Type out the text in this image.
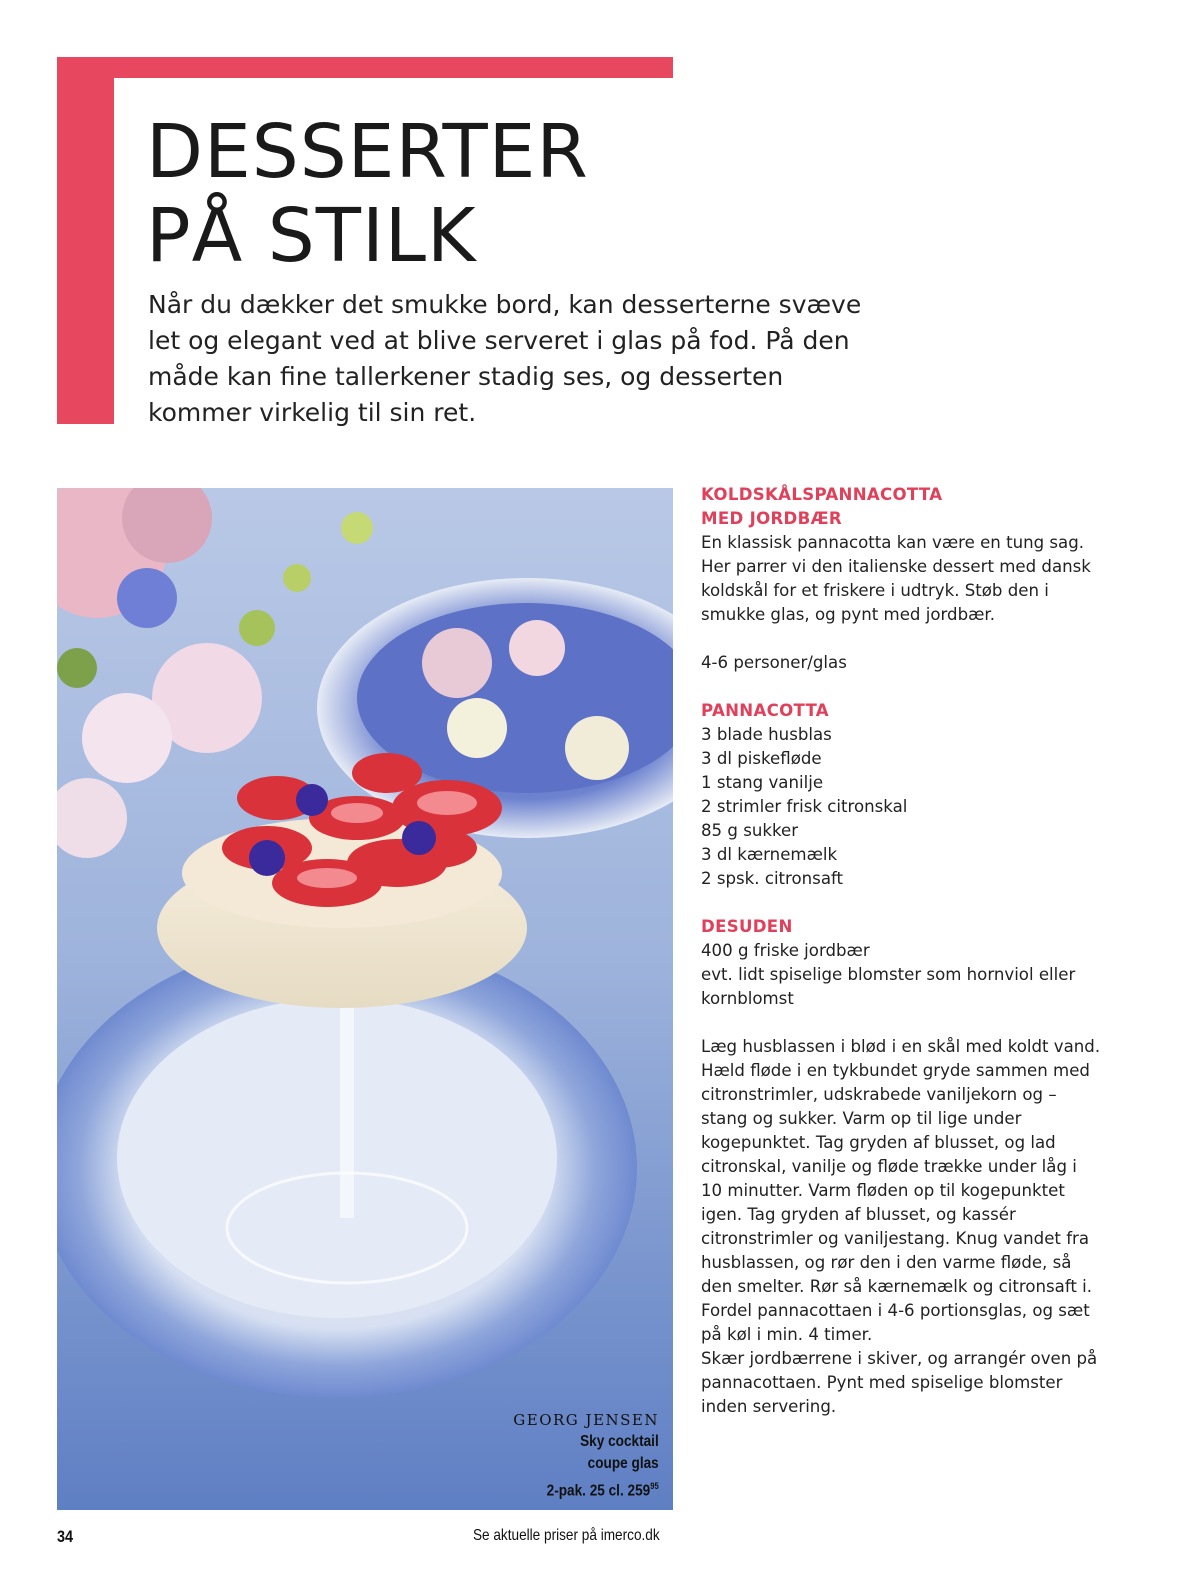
DESSERTER
PÅ STILK

Når du dækker det smukke bord, kan desserterne svæve let og elegant ved at blive serveret i glas på fod. På den måde kan fine tallerkener stadig ses, og desserten kommer virkelig til sin ret.

GEORG JENSEN
Sky cocktail
coupe glas
2-pak. 25 cl. $259^{95}$

KOLDSKÅLSPANNACOTTA

MED JORDBÆR

En klassisk pannacotta kan være en tung sag. Her parrer vi den italienske dessert med dansk koldskål for et friskere i udtryk. Støb den i smukke glas, og pynt med jordbær.

4-6 personer/glas

PANNACOTTA

3 blade husblas
3 dl piskefløde
1 stang vanilje
2 strimler frisk citronskal
85 g sukker
3 dl kærnemælk
2 spsk. citronsaft

DESUDEN

400 g friske jordbær
evt. lidt spiselige blomster som hornviol eller kornblomst

Læg husblassen i blød i en skål med koldt vand.

Hæld fløde i en tykbundet gryde sammen med citronstrimler, udskrabede vaniljekorn og –stang og sukker. Varm op til lige under kogepunktet. Tag gryden af blusset, og lad citronskal, vanilje og fløde trække under låg i 10 minutter. Varm fløden op til kogepunktet igen. Tag gryden af blusset, og kassér citronstrimler og vaniljestang. Knug vandet fra husblassen, og rør den i den varme fløde, så den smelter. Rør så kærnemælk og citronsaft i.

Fordel pannacottaen i 4-6 portionsglas, og sæt på køl i min. 4 timer.

Skær jordbærrene i skiver, og arrangér oven på pannacottaen. Pynt med spiselige blomster inden servering.

34	Se aktuelle priser på imerco.dk
